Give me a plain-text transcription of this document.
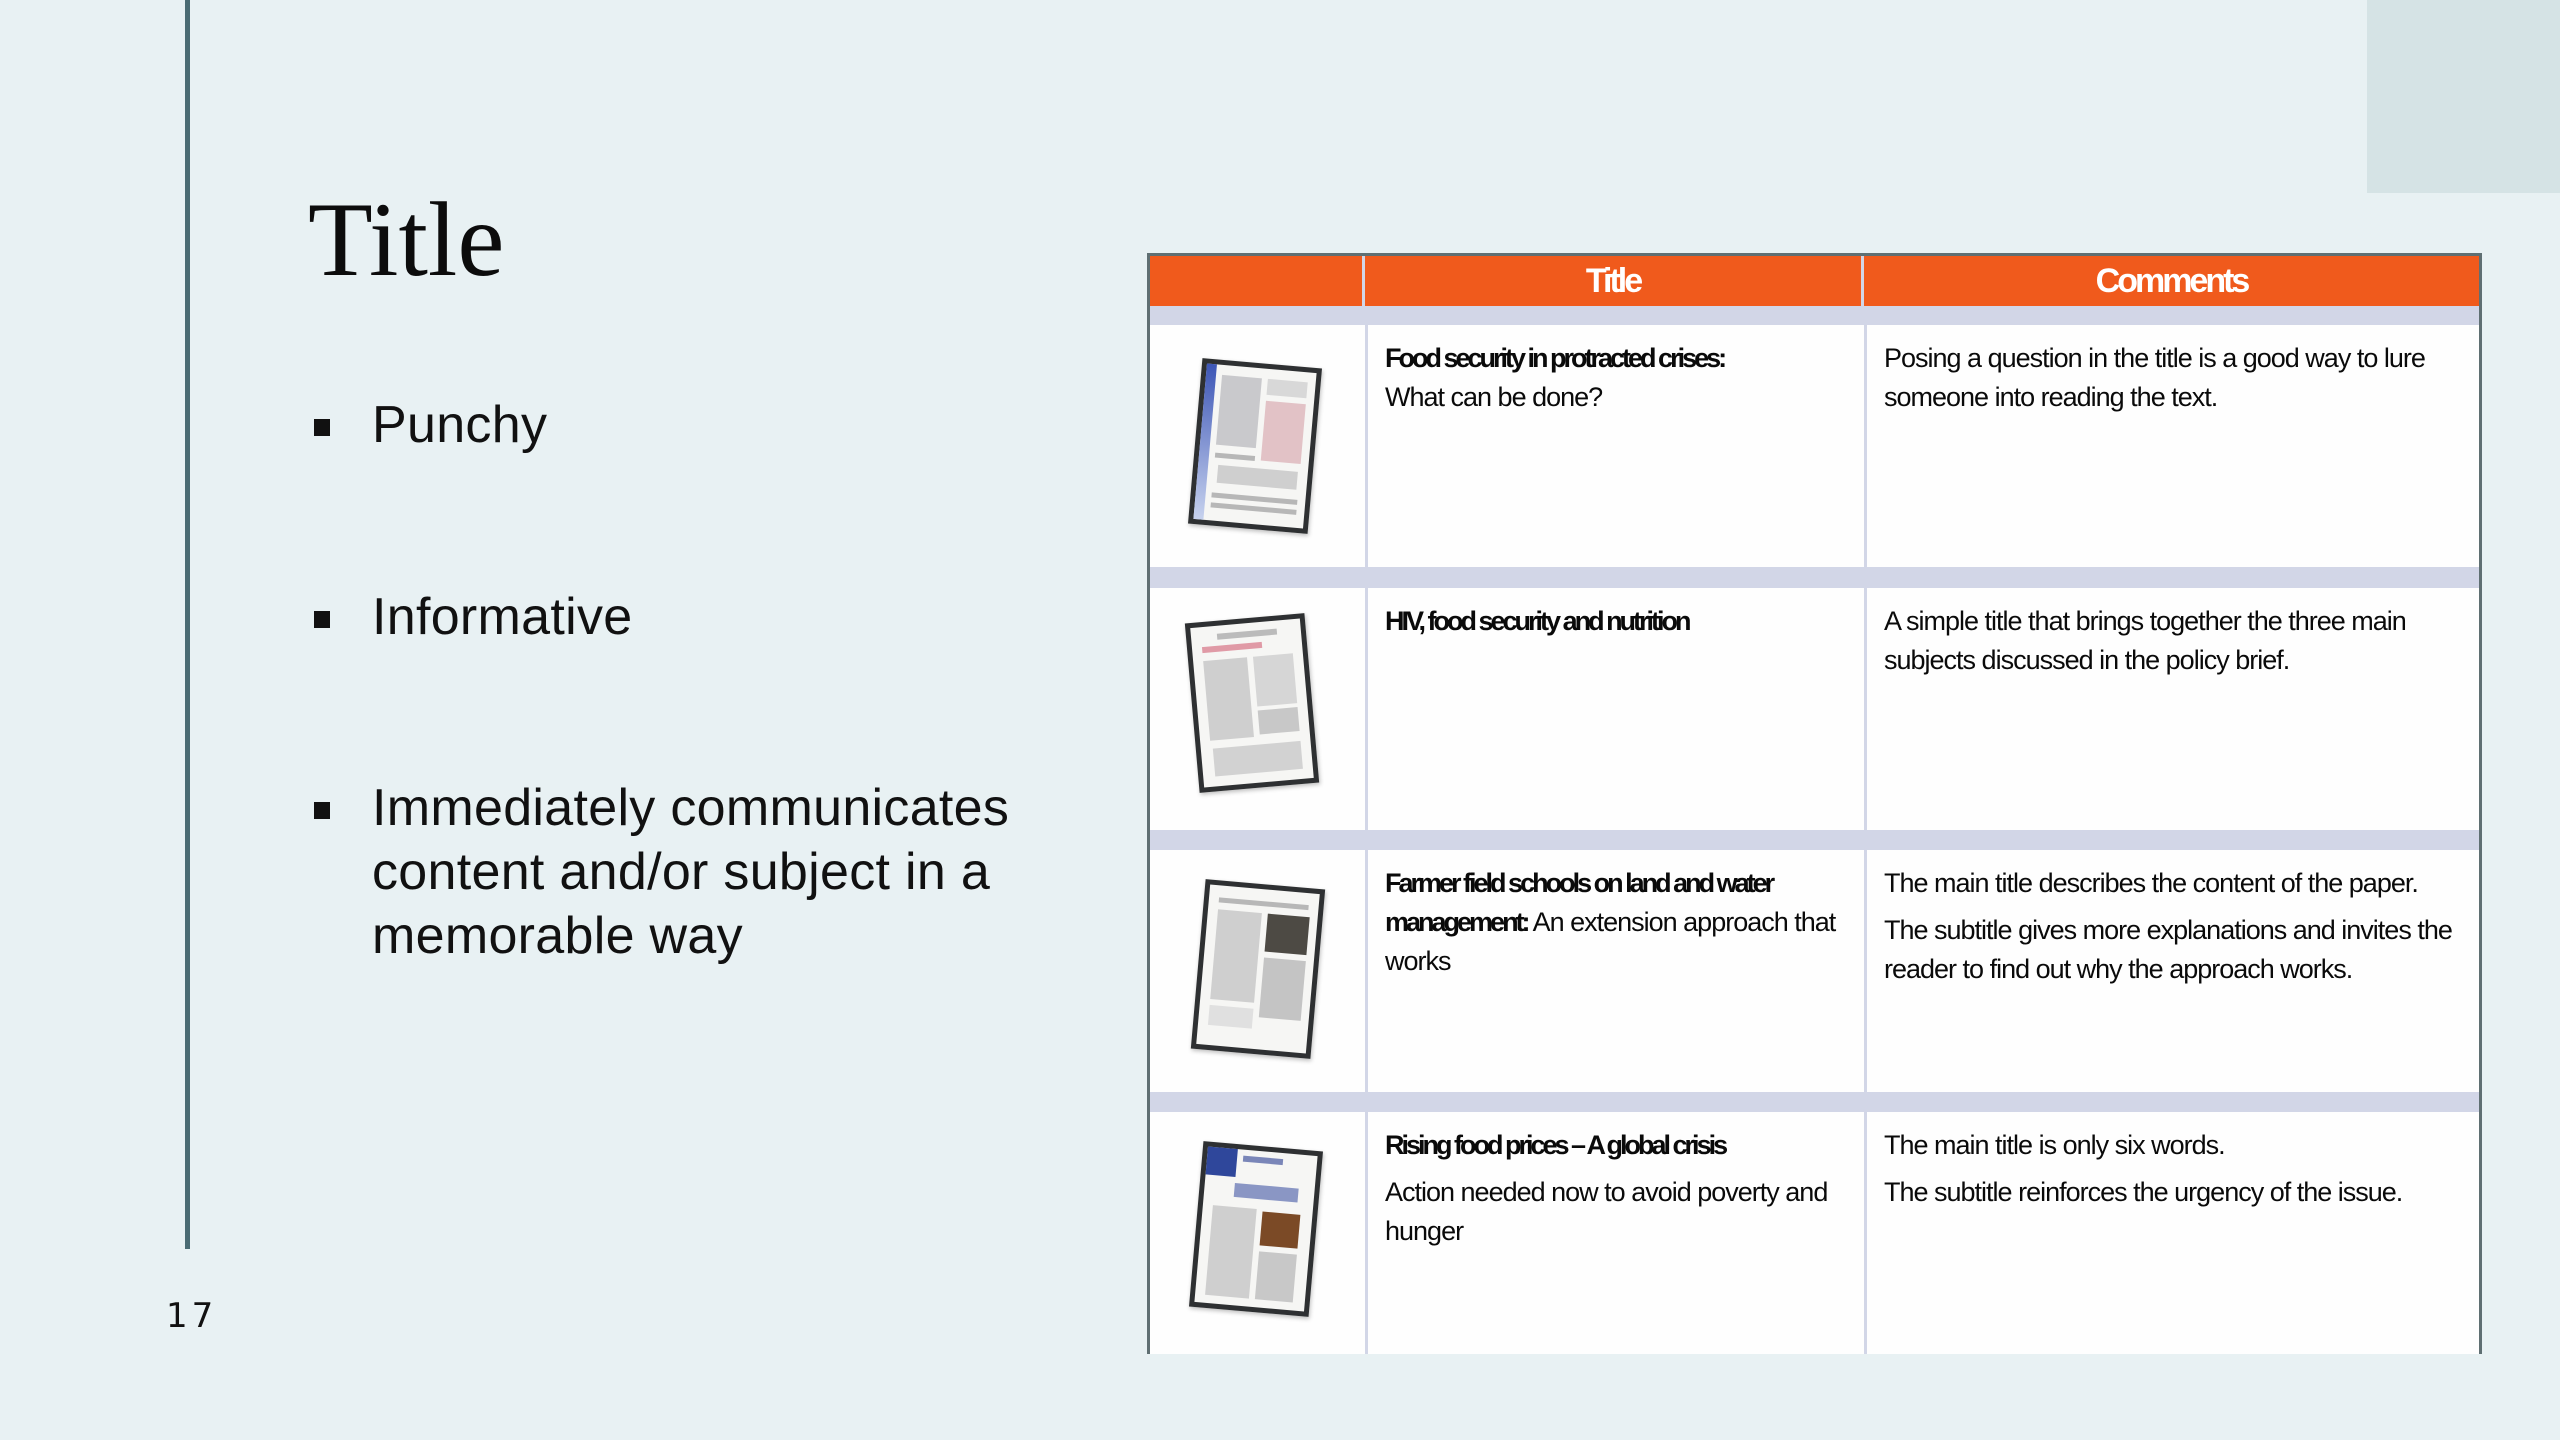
Title
Punchy
Informative
Immediately communicates content and/or subject in a memorable way
17
Title	Comments

Food security in protracted crises:

What can be done?

Posing a question in the title is a good way to lure someone into reading the text.

HIV, food security and nutrition	A simple title that brings together the three main subjects discussed in the policy brief.

Farmer field schools on land and water management: An extension approach that works

The main title describes the content of the paper.

The subtitle gives more explanations and invites the reader to find out why the approach works.

Rising food prices – A global crisis

Action needed now to avoid poverty and hunger

The main title is only six words.

The subtitle reinforces the urgency of the issue.
